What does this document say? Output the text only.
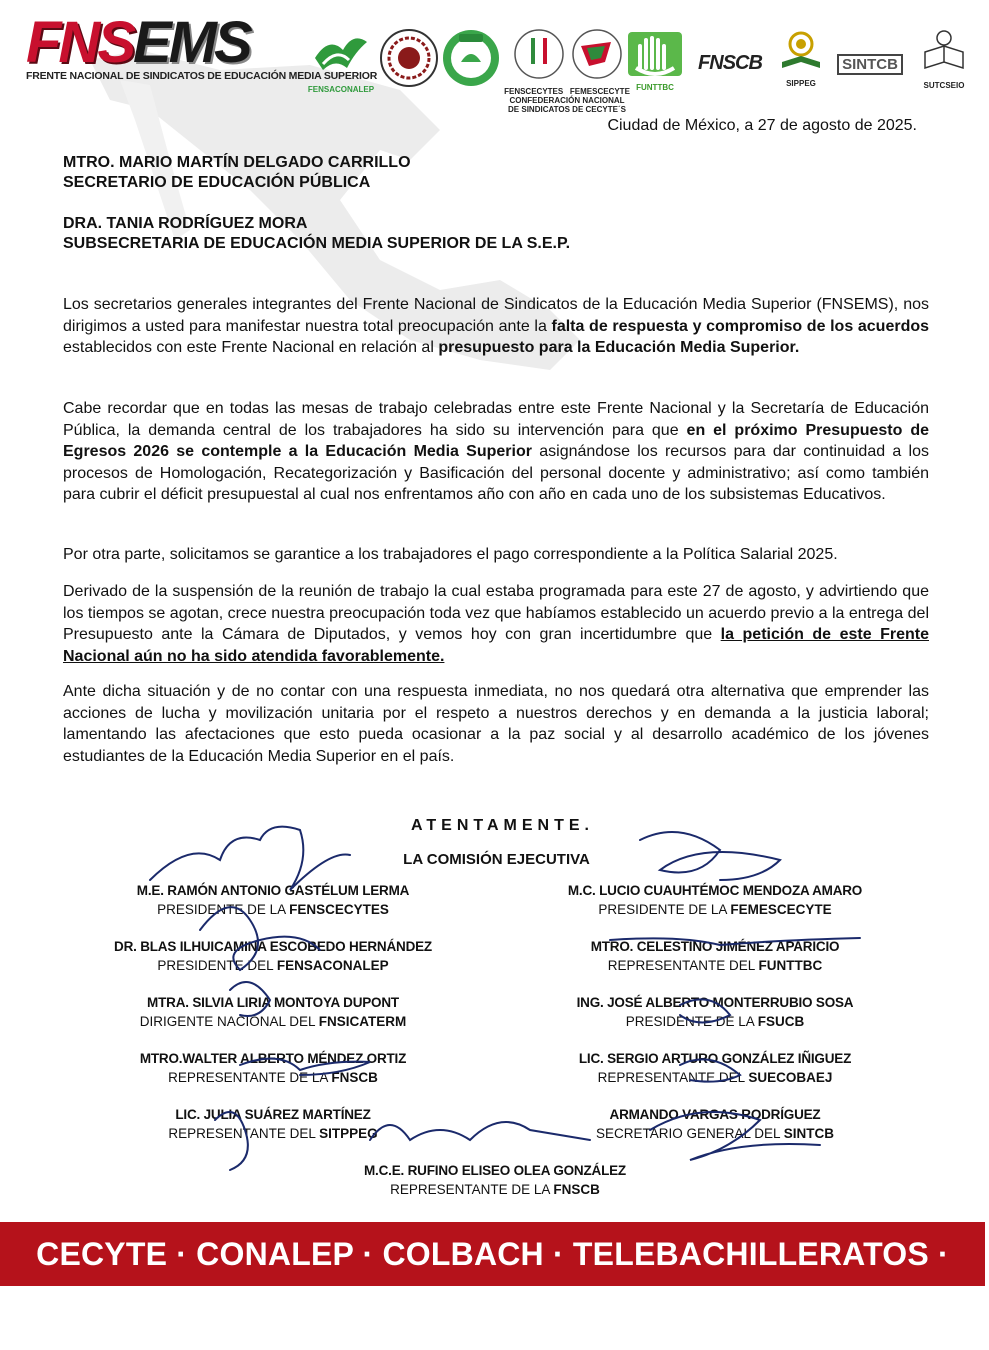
FNSEMS
FRENTE NACIONAL DE SINDICATOS DE EDUCACIÓN MEDIA SUPERIOR
FENSACONALEP	FENSCECYTES FEMESCECYTE
CONFEDERACIÓN NACIONAL
DE SINDICATOS DE CECYTE´S
FUNTTBC
FNSCB
SIPPEG
SINTCB
SUTCSEIO
Ciudad de México, a 27 de agosto de 2025.
MTRO. MARIO MARTÍN DELGADO CARRILLO
SECRETARIO DE EDUCACIÓN PÚBLICA
DRA. TANIA RODRÍGUEZ MORA
SUBSECRETARIA DE EDUCACIÓN MEDIA SUPERIOR DE LA S.E.P.

Los secretarios generales integrantes del Frente Nacional de Sindicatos de la Educación Media Superior (FNSEMS), nos dirigimos a usted para manifestar nuestra total preocupación ante la falta de respuesta y compromiso de los acuerdos establecidos con este Frente Nacional en relación al presupuesto para la Educación Media Superior.

Cabe recordar que en todas las mesas de trabajo celebradas entre este Frente Nacional y la Secretaría de Educación Pública, la demanda central de los trabajadores ha sido su intervención para que en el próximo Presupuesto de Egresos 2026 se contemple a la Educación Media Superior asignándose los recursos para dar continuidad a los procesos de Homologación, Recategorización y Basificación del personal docente y administrativo; así como también para cubrir el déficit presupuestal al cual nos enfrentamos año con año en cada uno de los subsistemas Educativos.

Por otra parte, solicitamos se garantice a los trabajadores el pago correspondiente a la Política Salarial 2025.

Derivado de la suspensión de la reunión de trabajo la cual estaba programada para este 27 de agosto, y advirtiendo que los tiempos se agotan, crece nuestra preocupación toda vez que habíamos establecido un acuerdo previo a la entrega del Presupuesto ante la Cámara de Diputados, y vemos hoy con gran incertidumbre que la petición de este Frente Nacional aún no ha sido atendida favorablemente.

Ante dicha situación y de no contar con una respuesta inmediata, no nos quedará otra alternativa que emprender las acciones de lucha y movilización unitaria por el respeto a nuestros derechos y en demanda a la justicia laboral; lamentando las afectaciones que esto pueda ocasionar a la paz social y al desarrollo académico de los jóvenes estudiantes de la Educación Media Superior en el país.

ATENTAMENTE.
LA COMISIÓN EJECUTIVA
M.E. RAMÓN ANTONIO GASTÉLUM LERMA
PRESIDENTE DE LA FENSCECYTES
DR. BLAS ILHUICAMINA ESCOBEDO HERNÁNDEZ
PRESIDENTE DEL FENSACONALEP
MTRA. SILVIA LIRIA MONTOYA DUPONT
DIRIGENTE NACIONAL DEL FNSICATERM
MTRO.WALTER ALBERTO MÉNDEZ ORTIZ
REPRESENTANTE DE LA FNSCB
LIC. JULIA SUÁREZ MARTÍNEZ
REPRESENTANTE DEL SITPPEG
M.C. LUCIO CUAUHTÉMOC MENDOZA AMARO
PRESIDENTE DE LA FEMESCECYTE
MTRO. CELESTINO JIMÉNEZ APARICIO
REPRESENTANTE DEL FUNTTBC
ING. JOSÉ ALBERTO MONTERRUBIO SOSA
PRESIDENTE DE LA FSUCB
LIC. SERGIO ARTURO GONZÁLEZ IÑIGUEZ
REPRESENTANTE DEL SUECOBAEJ
ARMANDO VARGAS RODRÍGUEZ
SECRETARIO GENERAL DEL SINTCB
M.C.E. RUFINO ELISEO OLEA GONZÁLEZ
REPRESENTANTE DE LA FNSCB
CECYTE · CONALEP · COLBACH · TELEBACHILLERATOS · ICATS · PPEG
